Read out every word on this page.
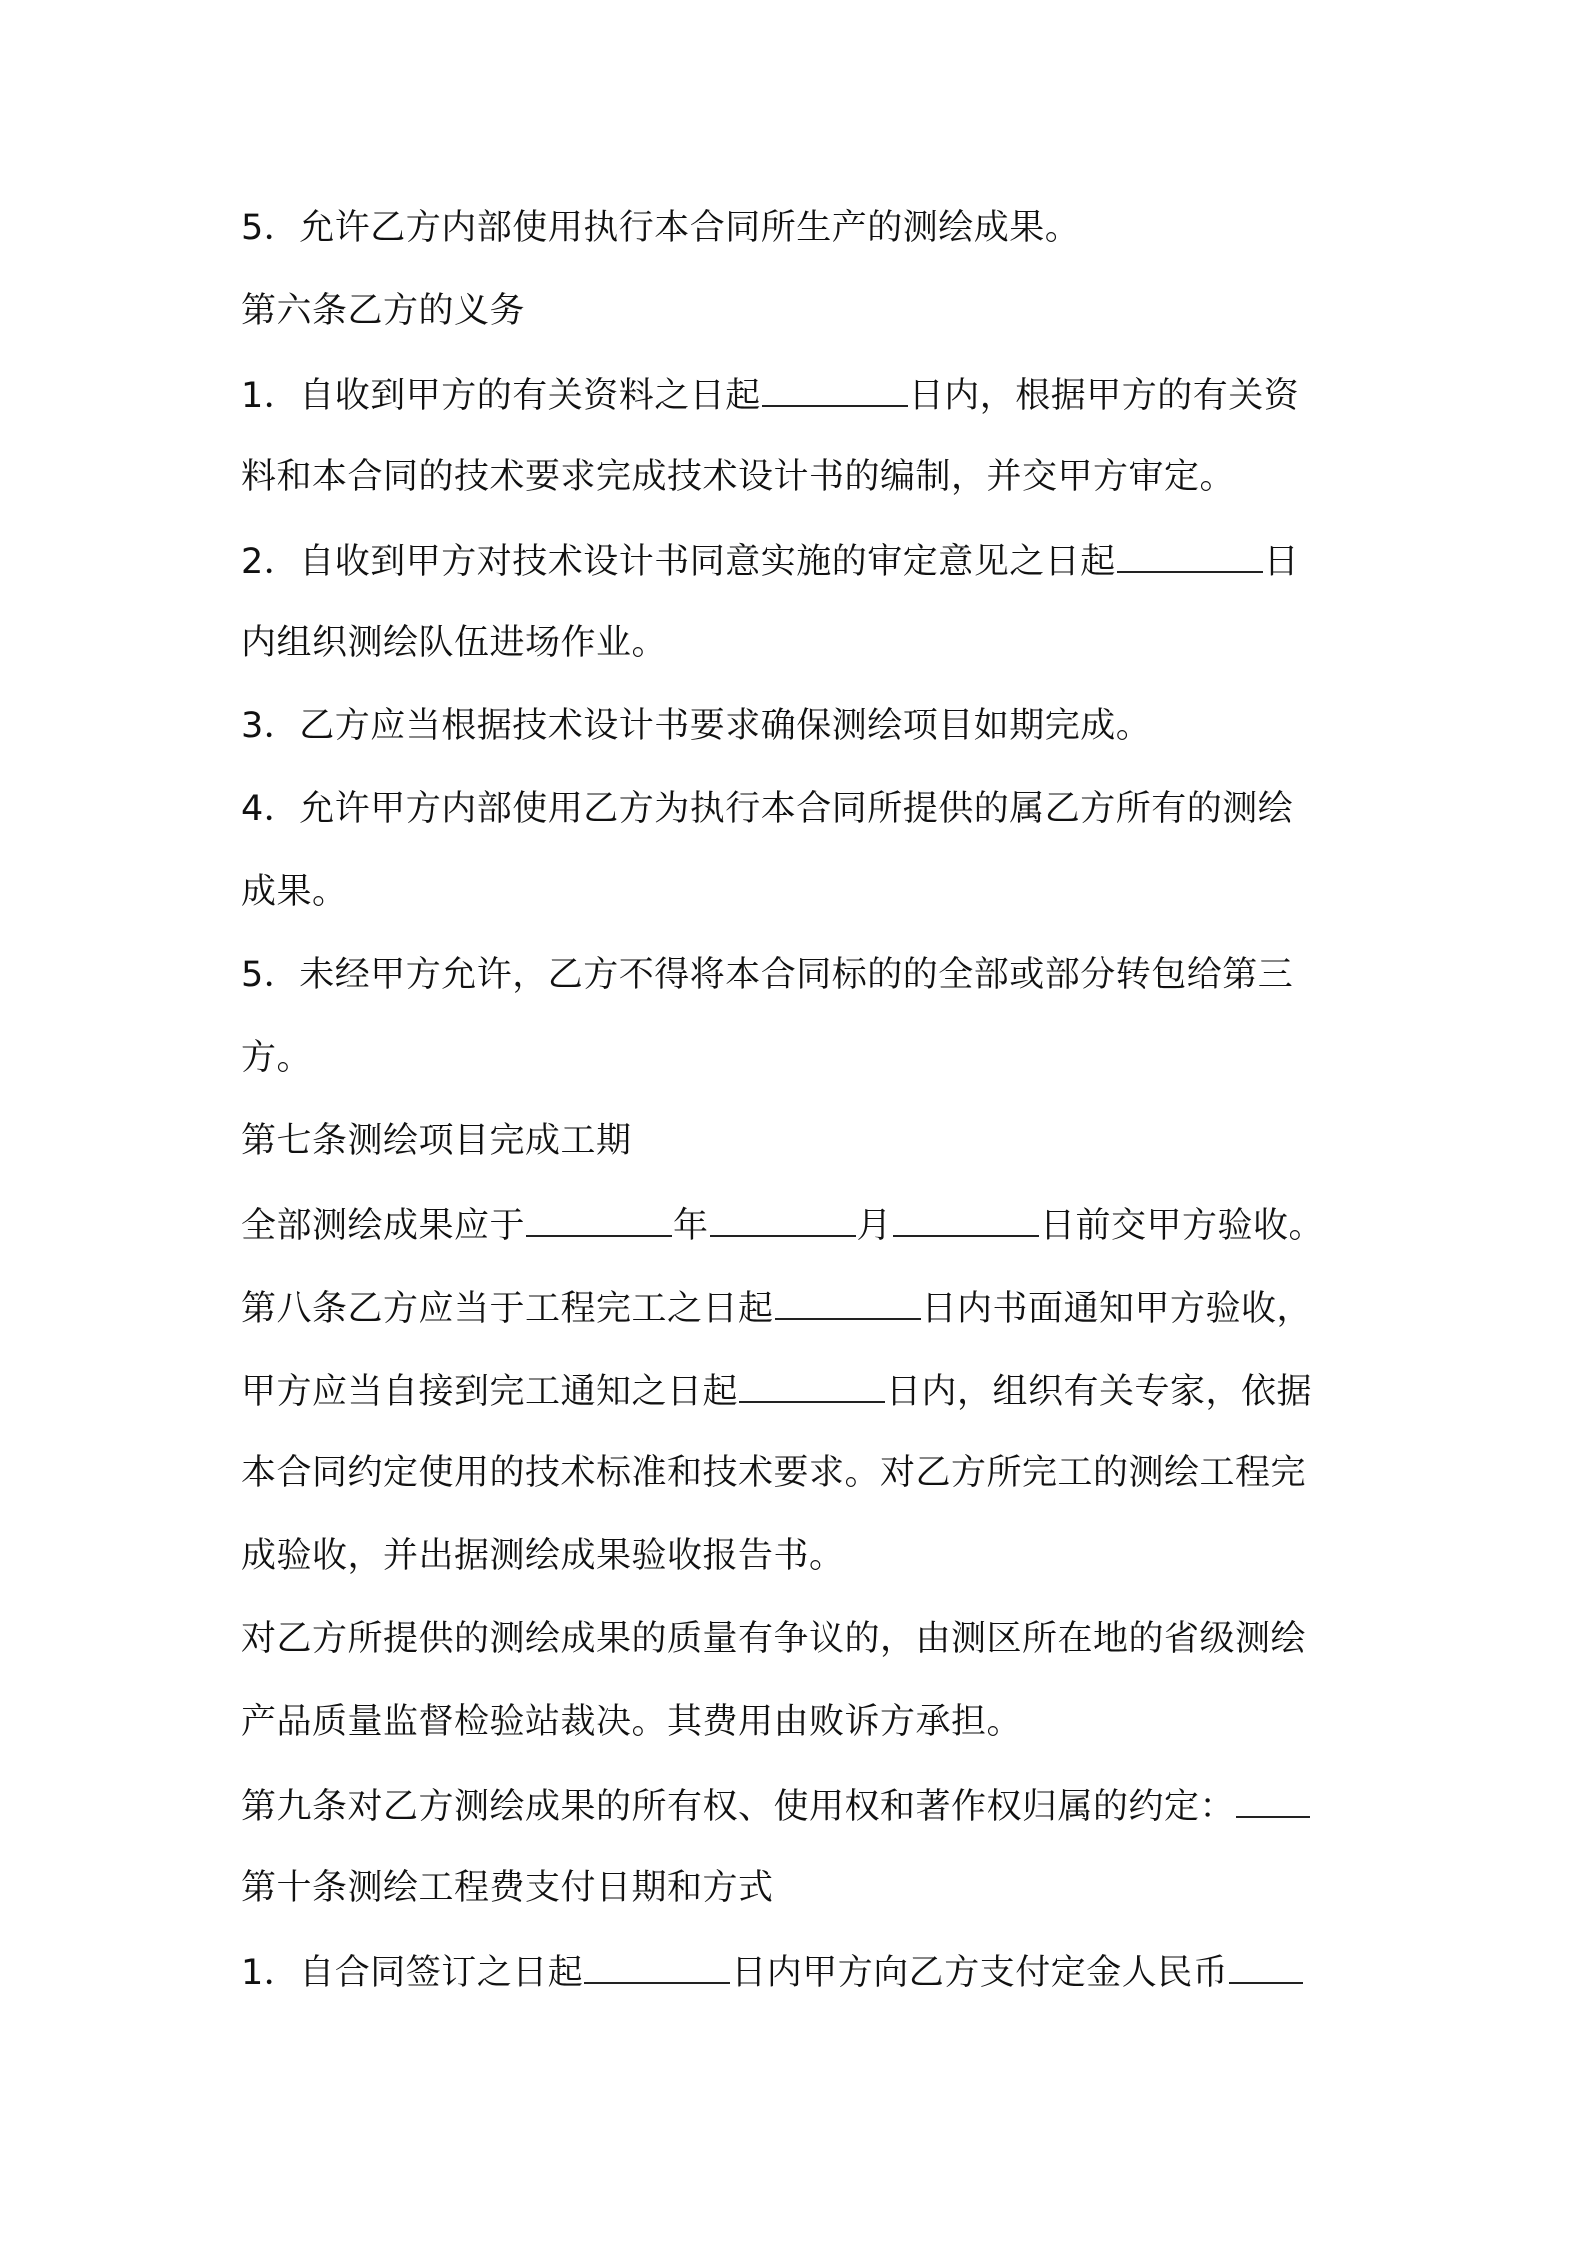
5．允许乙方内部使用执行本合同所生产的测绘成果。
第六条乙方的义务
1．自收到甲方的有关资料之日起	日内，根据甲方的有关资
料和本合同的技术要求完成技术设计书的编制，并交甲方审定。
2．自收到甲方对技术设计书同意实施的审定意见之日起	日
内组织测绘队伍进场作业。
3．乙方应当根据技术设计书要求确保测绘项目如期完成。
4．允许甲方内部使用乙方为执行本合同所提供的属乙方所有的测绘
成果。
5．未经甲方允许，乙方不得将本合同标的的全部或部分转包给第三
方。
第七条测绘项目完成工期
全部测绘成果应于	年	月	日前交甲方验收。
第八条乙方应当于工程完工之日起	日内书面通知甲方验收，
甲方应当自接到完工通知之日起	日内，组织有关专家，依据
本合同约定使用的技术标准和技术要求。对乙方所完工的测绘工程完
成验收，并出据测绘成果验收报告书。
对乙方所提供的测绘成果的质量有争议的，由测区所在地的省级测绘
产品质量监督检验站裁决。其费用由败诉方承担。
第九条对乙方测绘成果的所有权、使用权和著作权归属的约定：
第十条测绘工程费支付日期和方式
1．自合同签订之日起	日内甲方向乙方支付定金人民币
